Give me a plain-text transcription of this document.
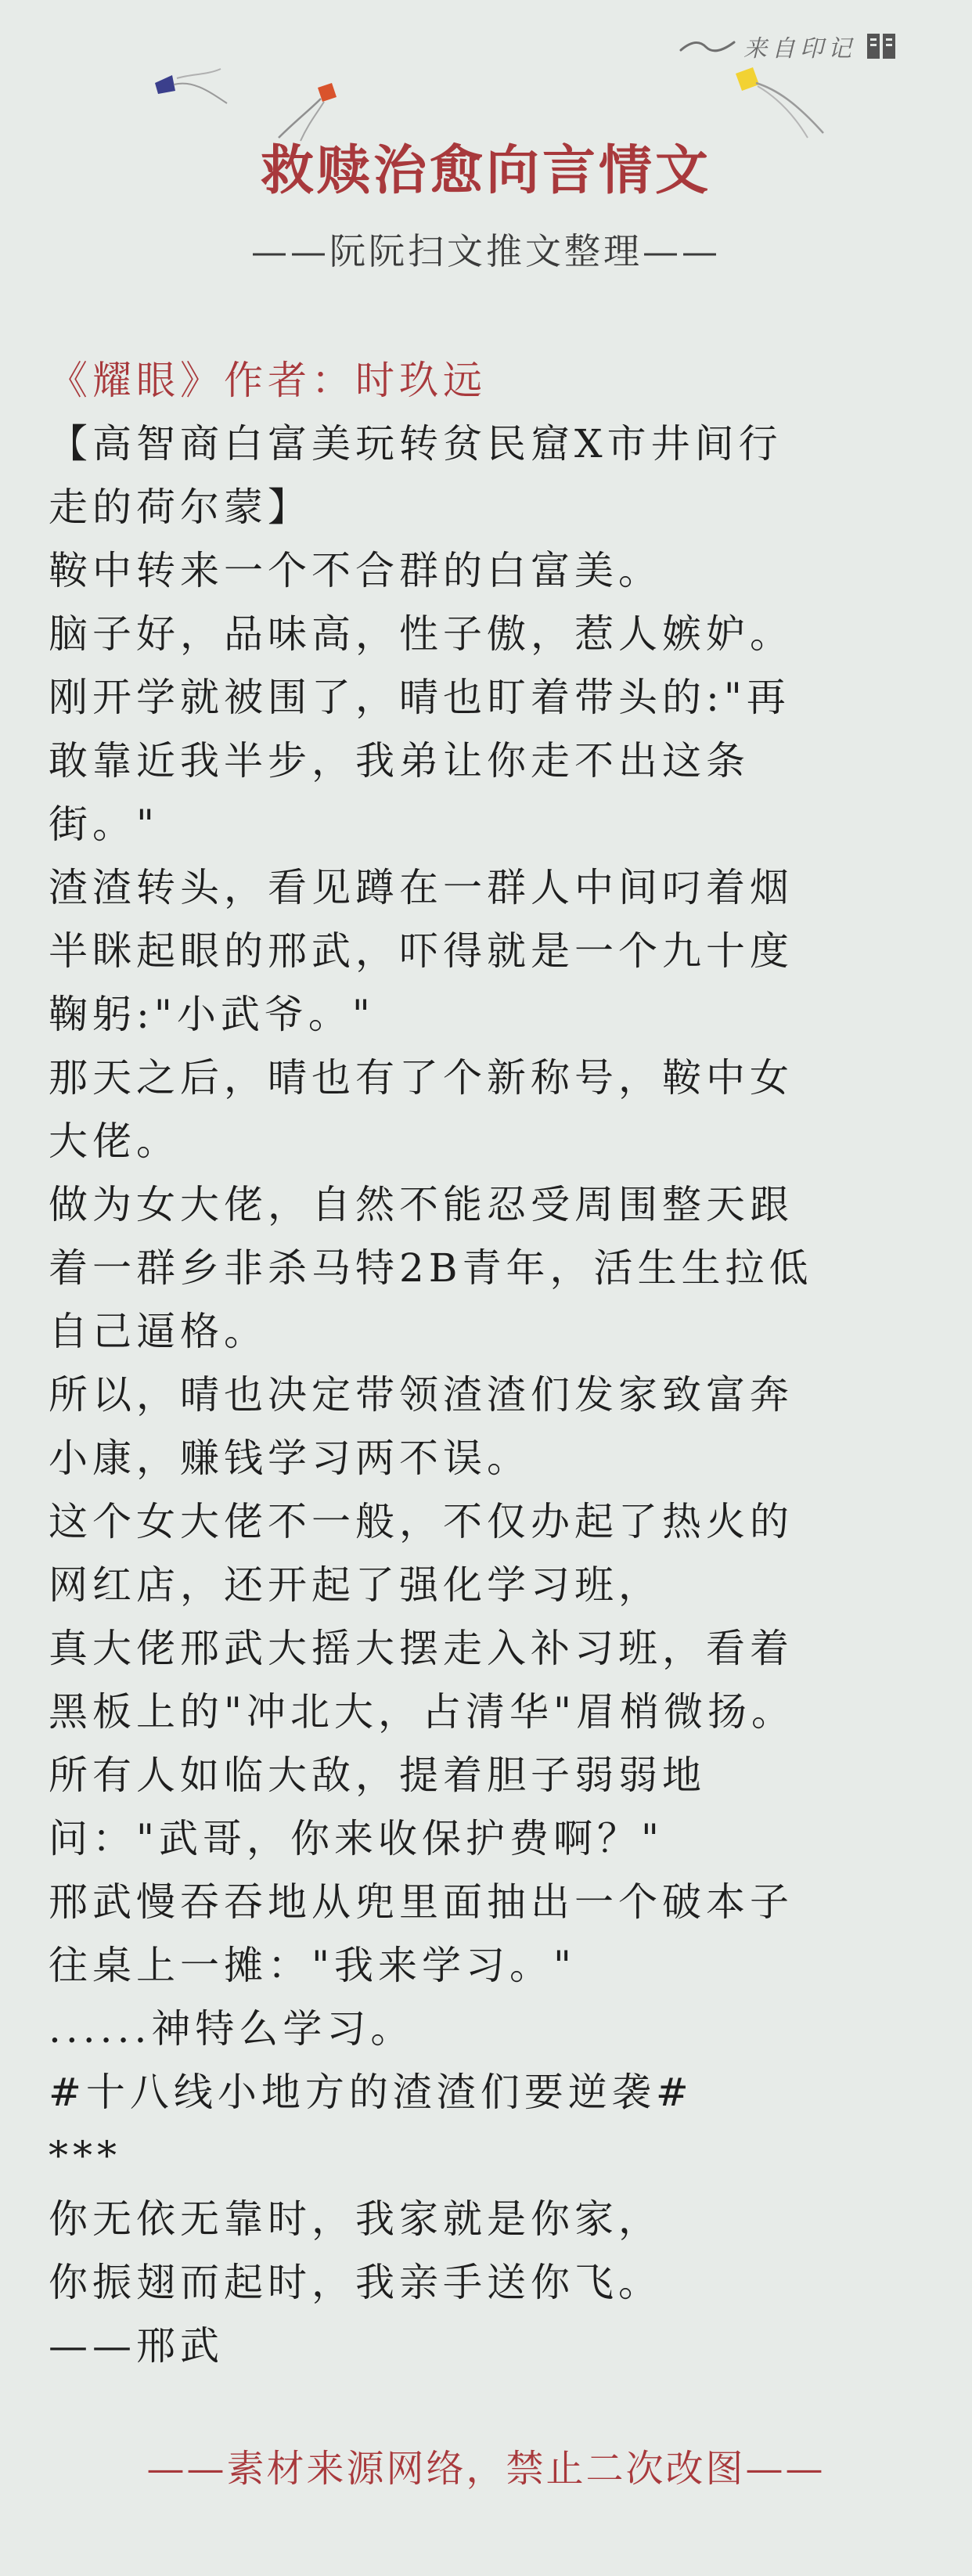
来自印记
救赎治愈向言情文
——阮阮扫文推文整理——
《耀眼》作者：时玖远
【高智商白富美玩转贫民窟X市井间行
走的荷尔蒙】
鞍中转来一个不合群的白富美。
脑子好，品味高，性子傲，惹人嫉妒。
刚开学就被围了，晴也盯着带头的:"再
敢靠近我半步，我弟让你走不出这条
街。"
渣渣转头，看见蹲在一群人中间叼着烟
半眯起眼的邢武，吓得就是一个九十度
鞠躬:"小武爷。"
那天之后，晴也有了个新称号，鞍中女
大佬。
做为女大佬，自然不能忍受周围整天跟
着一群乡非杀马特2B青年，活生生拉低
自己逼格。
所以，晴也决定带领渣渣们发家致富奔
小康，赚钱学习两不误。
这个女大佬不一般，不仅办起了热火的
网红店，还开起了强化学习班，
真大佬邢武大摇大摆走入补习班，看着
黑板上的"冲北大，占清华"眉梢微扬。
所有人如临大敌，提着胆子弱弱地
问："武哥，你来收保护费啊？"
邢武慢吞吞地从兜里面抽出一个破本子
往桌上一摊："我来学习。"
......神特么学习。
#十八线小地方的渣渣们要逆袭#
***
你无依无靠时，我家就是你家，
你振翅而起时，我亲手送你飞。
——邢武
——素材来源网络，禁止二次改图——
